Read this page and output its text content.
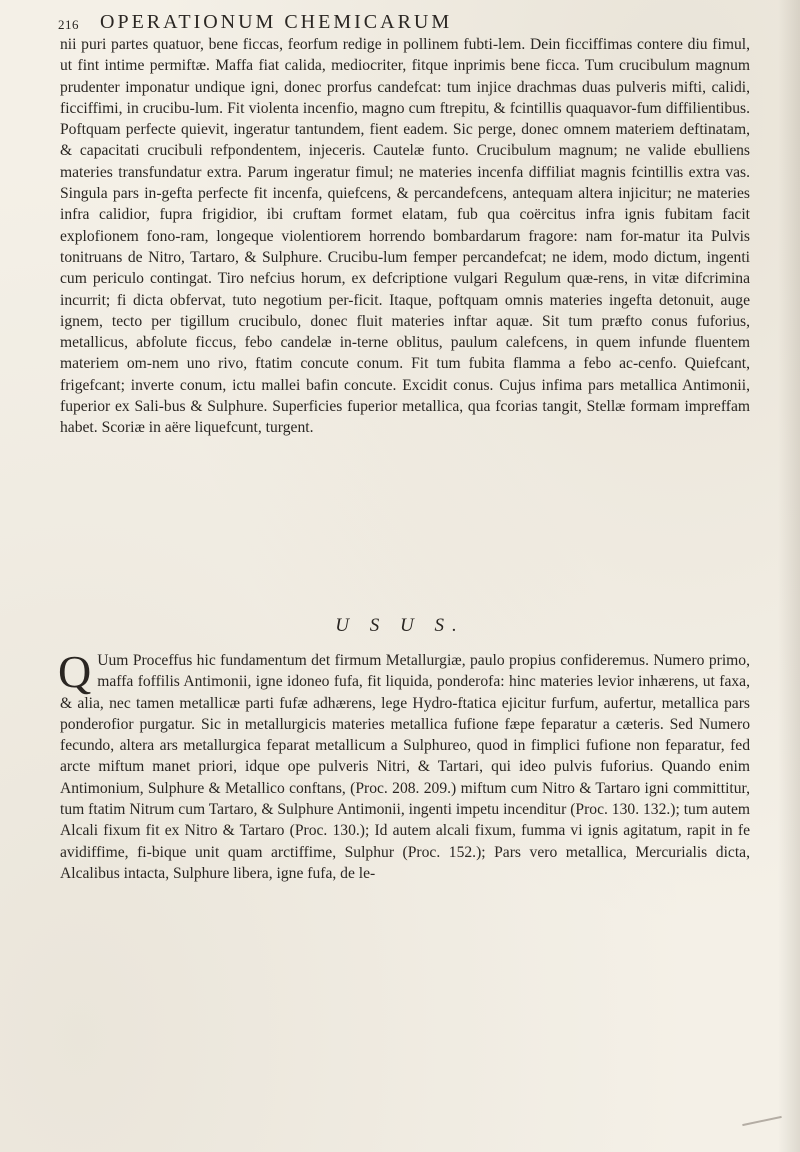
216 OPERATIONUM CHEMICARUM

nii puri partes quatuor, bene ficcas, feorfum redige in pollinem fubti-lem. Dein ficciffimas contere diu fimul, ut fint intime permiftæ. Maffa fiat calida, mediocriter, fitque inprimis bene ficca. Tum crucibulum magnum prudenter imponatur undique igni, donec prorfus candefcat: tum injice drachmas duas pulveris mifti, calidi, ficciffimi, in crucibu-lum. Fit violenta incenfio, magno cum ftrepitu, & fcintillis quaquavor-fum diffilientibus. Poftquam perfecte quievit, ingeratur tantundem, fient eadem. Sic perge, donec omnem materiem deftinatam, & capacitati crucibuli refpondentem, injeceris. Cautelæ funto. Crucibulum magnum; ne valide ebulliens materies transfundatur extra. Parum ingeratur fimul; ne materies incenfa diffiliat magnis fcintillis extra vas. Singula pars in-gefta perfecte fit incenfa, quiefcens, & percandefcens, antequam altera injicitur; ne materies infra calidior, fupra frigidior, ibi cruftam formet elatam, fub qua coërcitus infra ignis fubitam facit explofionem fono-ram, longeque violentiorem horrendo bombardarum fragore: nam for-matur ita Pulvis tonitruans de Nitro, Tartaro, & Sulphure. Crucibu-lum femper percandefcat; ne idem, modo dictum, ingenti cum periculo contingat. Tiro nefcius horum, ex defcriptione vulgari Regulum quæ-rens, in vitæ difcrimina incurrit; fi dicta obfervat, tuto negotium per-ficit. Itaque, poftquam omnis materies ingefta detonuit, auge ignem, tecto per tigillum crucibulo, donec fluit materies inftar aquæ. Sit tum præfto conus fuforius, metallicus, abfolute ficcus, febo candelæ in-terne oblitus, paulum calefcens, in quem infunde fluentem materiem om-nem uno rivo, ftatim concute conum. Fit tum fubita flamma a febo ac-cenfo. Quiefcant, frigefcant; inverte conum, ictu mallei bafin concute. Excidit conus. Cujus infima pars metallica Antimonii, fuperior ex Sali-bus & Sulphure. Superficies fuperior metallica, qua fcorias tangit, Stellæ formam impreffam habet. Scoriæ in aëre liquefcunt, turgent.

U S U S.

Q Uum Proceffus hic fundamentum det firmum Metallurgiæ, paulo propius confideremus. Numero primo, maffa foffilis Antimonii, igne idoneo fufa, fit liquida, ponderofa: hinc materies levior inhærens, ut faxa, & alia, nec tamen metallicæ parti fufæ adhærens, lege Hydro-ftatica ejicitur furfum, aufertur, metallica pars ponderofior purgatur. Sic in metallurgicis materies metallica fufione fæpe feparatur a cæteris. Sed Numero fecundo, altera ars metallurgica feparat metallicum a Sulphureo, quod in fimplici fufione non feparatur, fed arcte miftum manet priori, idque ope pulveris Nitri, & Tartari, qui ideo pulvis fuforius. Quando enim Antimonium, Sulphure & Metallico conftans, (Proc. 208. 209.) miftum cum Nitro & Tartaro igni committitur, tum ftatim Nitrum cum Tartaro, & Sulphure Antimonii, ingenti impetu incenditur (Proc. 130. 132.); tum autem Alcali fixum fit ex Nitro & Tartaro (Proc. 130.); Id autem alcali fixum, fumma vi ignis agitatum, rapit in fe avidiffime, fi-bique unit quam arctiffime, Sulphur (Proc. 152.); Pars vero metallica, Mercurialis dicta, Alcalibus intacta, Sulphure libera, igne fufa, de le-
